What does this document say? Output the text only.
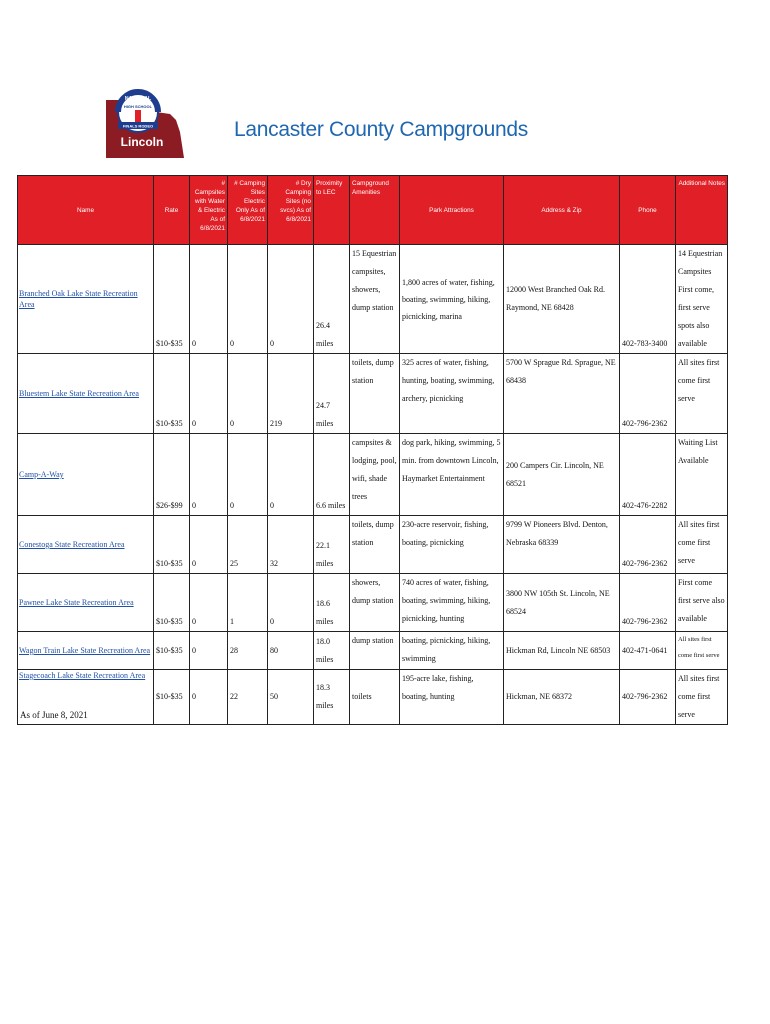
NATIONAL
HIGH SCHOOL
FINALS RODEO
Lincoln
Lancaster County Campgrounds
Name	Rate	# Campsites with Water & Electric As of 6/8/2021	# Camping Sites Electric Only As of 6/8/2021	# Dry Camping Sites (no svcs) As of 6/8/2021	Proximity to LEC	Campground Amenities	Park Attractions	Address & Zip	Phone	Additional Notes
Branched Oak Lake State Recreation Area	$10-$35	0	0	0	26.4 miles	15 Equestrian campsites, showers, dump station	1,800 acres of water, fishing, boating, swimming, hiking, picnicking, marina	12000 West Branched Oak Rd. Raymond, NE 68428	402-783-3400	14 Equestrian Campsites First come, first serve spots also available
Bluestem Lake State Recreation Area	$10-$35	0	0	219	24.7 miles	toilets, dump station	325 acres of water, fishing, hunting, boating, swimming, archery, picnicking	5700 W Sprague Rd. Sprague, NE 68438	402-796-2362	All sites first come first serve
Camp-A-Way	$26-$99	0	0	0	6.6 miles	campsites & lodging, pool, wifi, shade trees	dog park, hiking, swimming, 5 min. from downtown Lincoln, Haymarket Entertainment	200 Campers Cir. Lincoln, NE 68521	402-476-2282	Waiting List Available
Conestoga State Recreation Area	$10-$35	0	25	32	22.1 miles	toilets, dump station	230-acre reservoir, fishing, boating, picnicking	9799 W Pioneers Blvd. Denton, Nebraska 68339	402-796-2362	All sites first come first serve
Pawnee Lake State Recreation Area	$10-$35	0	1	0	18.6 miles	showers, dump station	740 acres of water, fishing, boating, swimming, hiking, picnicking, hunting	3800 NW 105th St. Lincoln, NE 68524	402-796-2362	First come first serve also available
Wagon Train Lake State Recreation Area	$10-$35	0	28	80	18.0 miles	dump station	boating, picnicking, hiking, swimming	Hickman Rd, Lincoln NE 68503	402-471-0641	All sites first come first serve
Stagecoach Lake State Recreation Area	$10-$35	0	22	50	18.3 miles	toilets	195-acre lake, fishing, boating, hunting	Hickman, NE 68372	402-796-2362	All sites first come first serve
As of June 8, 2021
